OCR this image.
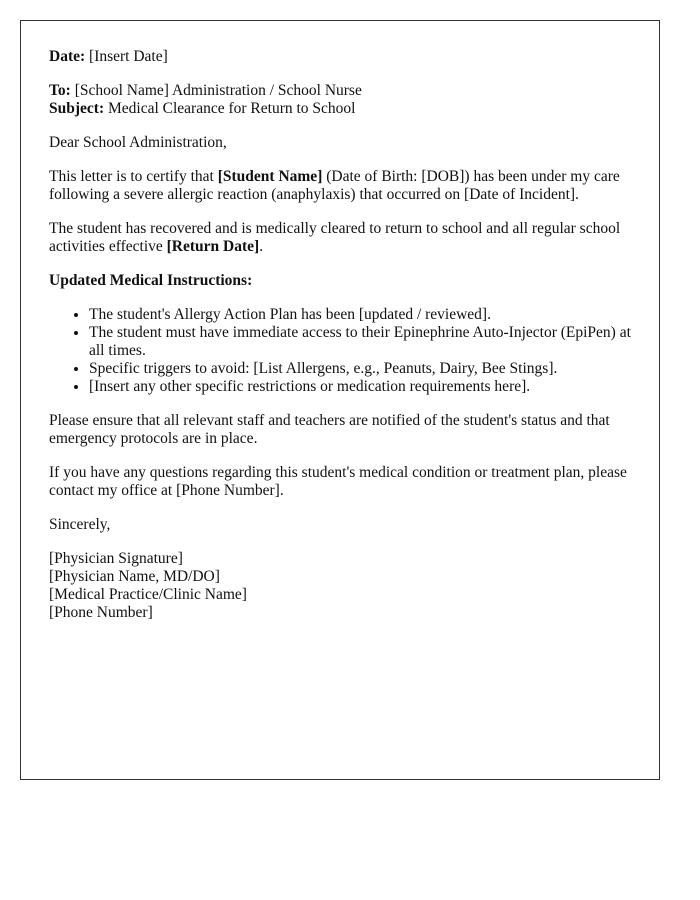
Date: [Insert Date]

To: [School Name] Administration / School Nurse
Subject: Medical Clearance for Return to School

Dear School Administration,

This letter is to certify that [Student Name] (Date of Birth: [DOB]) has been under my care following a severe allergic reaction (anaphylaxis) that occurred on [Date of Incident].

The student has recovered and is medically cleared to return to school and all regular school activities effective [Return Date].

Updated Medical Instructions:

• The student's Allergy Action Plan has been [updated / reviewed].
• The student must have immediate access to their Epinephrine Auto-Injector (EpiPen) at all times.
• Specific triggers to avoid: [List Allergens, e.g., Peanuts, Dairy, Bee Stings].
• [Insert any other specific restrictions or medication requirements here].

Please ensure that all relevant staff and teachers are notified of the student's status and that emergency protocols are in place.

If you have any questions regarding this student's medical condition or treatment plan, please contact my office at [Phone Number].

Sincerely,

[Physician Signature]

[Physician Name, MD/DO]

[Medical Practice/Clinic Name]

[Phone Number]
